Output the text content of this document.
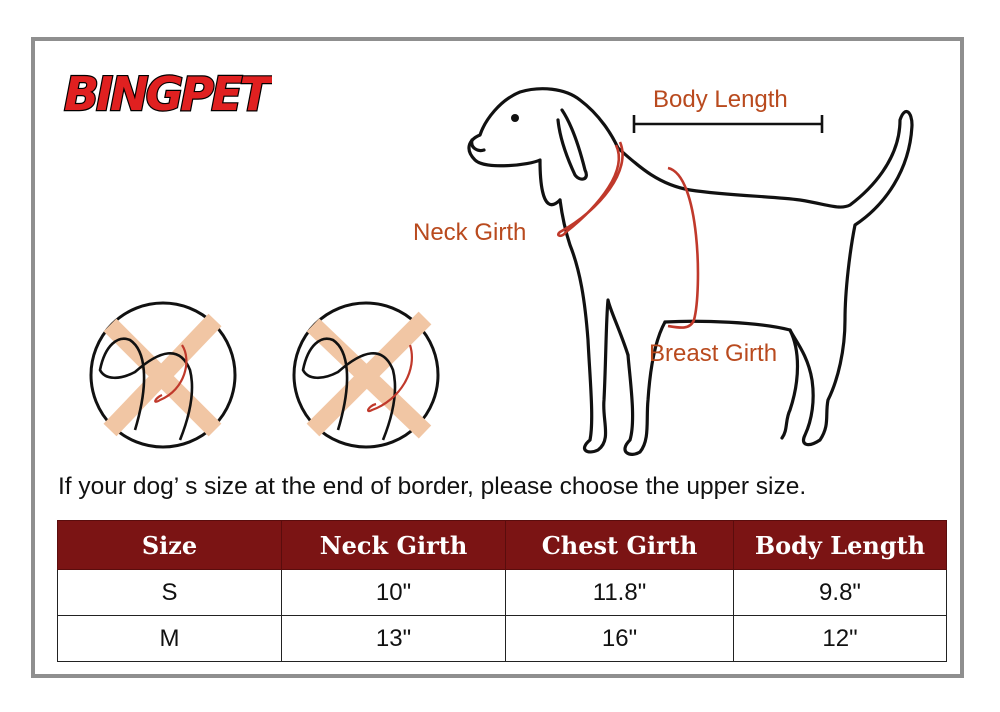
BINGPET	Body Length
Neck Girth
Breast Girth
If your dog’ s size at the end of border, please choose the upper size.
Size	Neck Girth	Chest Girth	Body Length
S	10"	11.8"	9.8"
M	13"	16"	12"
